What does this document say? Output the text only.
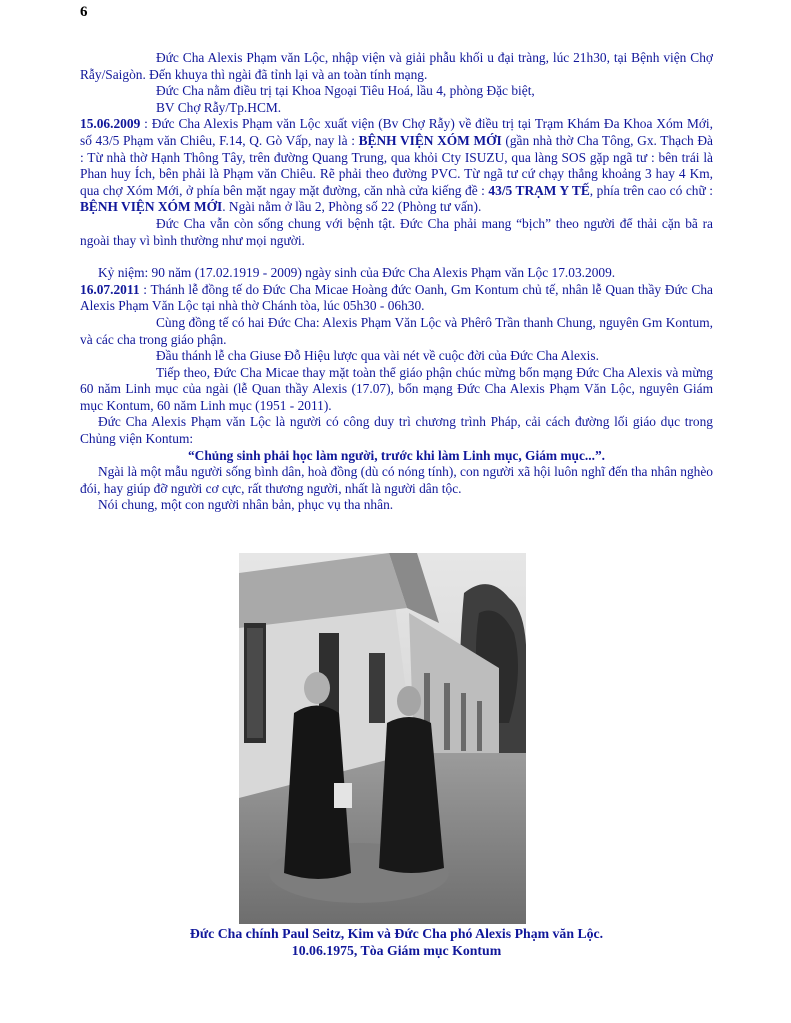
6

Đức Cha Alexis Phạm văn Lộc, nhập viện và giải phẫu khối u đại tràng, lúc 21h30, tại Bệnh viện Chợ Rẫy/Saigòn. Đến khuya thì ngài đã tỉnh lại và an toàn tính mạng.

Đức Cha nằm điều trị tại Khoa Ngoại Tiêu Hoá, lầu 4, phòng Đặc biệt,

BV Chợ Rẫy/Tp.HCM.

15.06.2009 : Đức Cha Alexis Phạm văn Lộc xuất viện (Bv Chợ Rẫy) về điều trị tại Trạm Khám Đa Khoa Xóm Mới, số 43/5 Phạm văn Chiêu, F.14, Q. Gò Vấp, nay là : BỆNH VIỆN XÓM MỚI (gần nhà thờ Cha Tông, Gx. Thạch Đà : Từ nhà thờ Hạnh Thông Tây, trên đường Quang Trung, qua khỏi Cty ISUZU, qua làng SOS gặp ngã tư : bên trái là Phan huy Ích, bên phải là Phạm văn Chiêu. Rẽ phải theo đường PVC. Từ ngã tư cứ chạy thẳng khoảng 3 hay 4 Km, qua chợ Xóm Mới, ở phía bên mặt ngay mặt đường, căn nhà cửa kiếng đề : 43/5 TRẠM Y TẾ, phía trên cao có chữ : BỆNH VIỆN XÓM MỚI. Ngài nằm ở lầu 2, Phòng số 22 (Phòng tư vấn).

Đức Cha vẫn còn sống chung với bệnh tật. Đức Cha phải mang “bịch” theo người để thải cặn bã ra ngoài thay vì bình thường như mọi người.

Kỷ niệm: 90 năm (17.02.1919 - 2009) ngày sinh của Đức Cha Alexis Phạm văn Lộc 17.03.2009.

16.07.2011 : Thánh lễ đồng tế do Đức Cha Micae Hoàng đức Oanh, Gm Kontum chủ tế, nhân lễ Quan thầy Đức Cha Alexis Phạm Văn Lộc tại nhà thờ Chánh tòa, lúc 05h30 - 06h30.

Cùng đồng tế có hai Đức Cha: Alexis Phạm Văn Lộc và Phêrô Trần thanh Chung, nguyên Gm Kontum, và các cha trong giáo phận.

Đầu thánh lễ cha Giuse Đỗ Hiệu lược qua vài nét về cuộc đời của Đức Cha Alexis.

Tiếp theo, Đức Cha Micae thay mặt toàn thể giáo phận chúc mừng bổn mạng Đức Cha Alexis và mừng 60 năm Linh mục của ngài (lễ Quan thầy Alexis (17.07), bổn mạng Đức Cha Alexis Phạm Văn Lộc, nguyên Giám mục Kontum, 60 năm Linh mục (1951 - 2011).

Đức Cha Alexis Phạm văn Lộc là người có công duy trì chương trình Pháp, cải cách đường lối giáo dục trong Chủng viện Kontum:

“Chủng sinh phải học làm người, trước khi làm Linh mục, Giám mục...”.

Ngài là một mẫu người sống bình dân, hoà đồng (dù có nóng tính), con người xã hội luôn nghĩ đến tha nhân nghèo đói, hay giúp đỡ người cơ cực, rất thương người, nhất là người dân tộc.

Nói chung, một con người nhân bản, phục vụ tha nhân.

Đức Cha chính Paul Seitz, Kim và Đức Cha phó Alexis Phạm văn Lộc.
10.06.1975, Tòa Giám mục Kontum
